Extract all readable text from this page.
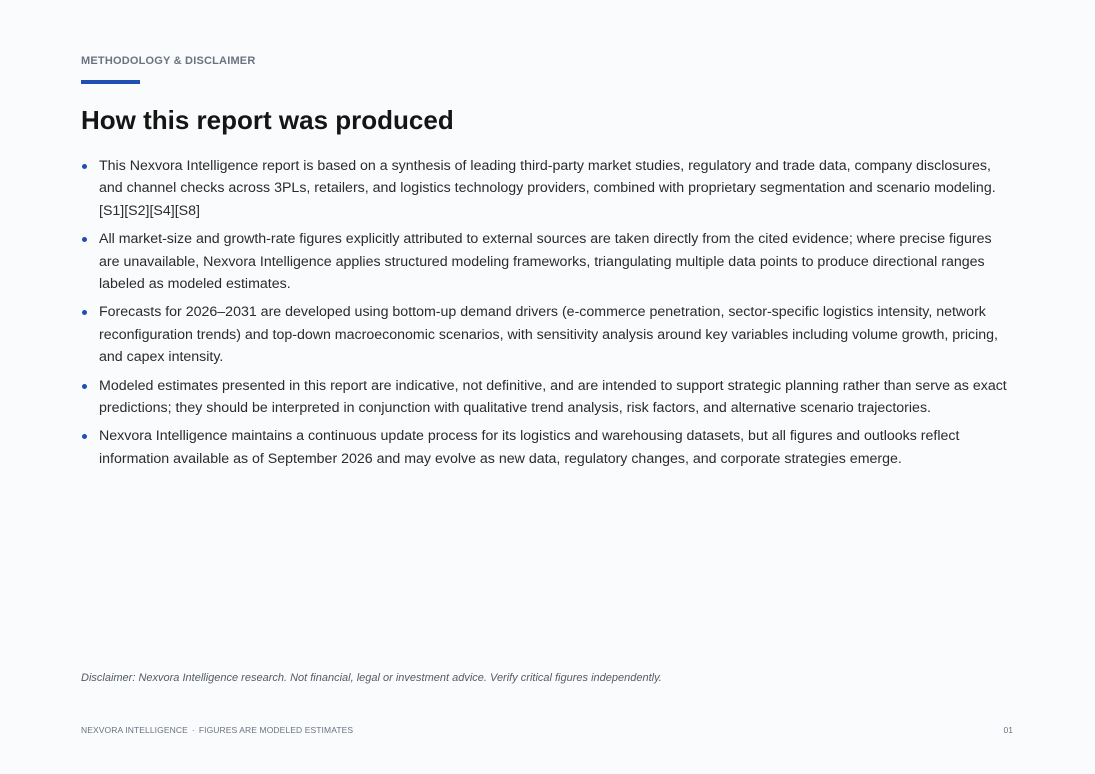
METHODOLOGY & DISCLAIMER
How this report was produced
This Nexvora Intelligence report is based on a synthesis of leading third-party market studies, regulatory and trade data, company disclosures, and channel checks across 3PLs, retailers, and logistics technology providers, combined with proprietary segmentation and scenario modeling.[S1][S2][S4][S8]
All market-size and growth-rate figures explicitly attributed to external sources are taken directly from the cited evidence; where precise figures are unavailable, Nexvora Intelligence applies structured modeling frameworks, triangulating multiple data points to produce directional ranges labeled as modeled estimates.
Forecasts for 2026–2031 are developed using bottom-up demand drivers (e-commerce penetration, sector-specific logistics intensity, network reconfiguration trends) and top-down macroeconomic scenarios, with sensitivity analysis around key variables including volume growth, pricing, and capex intensity.
Modeled estimates presented in this report are indicative, not definitive, and are intended to support strategic planning rather than serve as exact predictions; they should be interpreted in conjunction with qualitative trend analysis, risk factors, and alternative scenario trajectories.
Nexvora Intelligence maintains a continuous update process for its logistics and warehousing datasets, but all figures and outlooks reflect information available as of September 2026 and may evolve as new data, regulatory changes, and corporate strategies emerge.
Disclaimer: Nexvora Intelligence research. Not financial, legal or investment advice. Verify critical figures independently.
NEXVORA INTELLIGENCE · FIGURES ARE MODELED ESTIMATES	01
